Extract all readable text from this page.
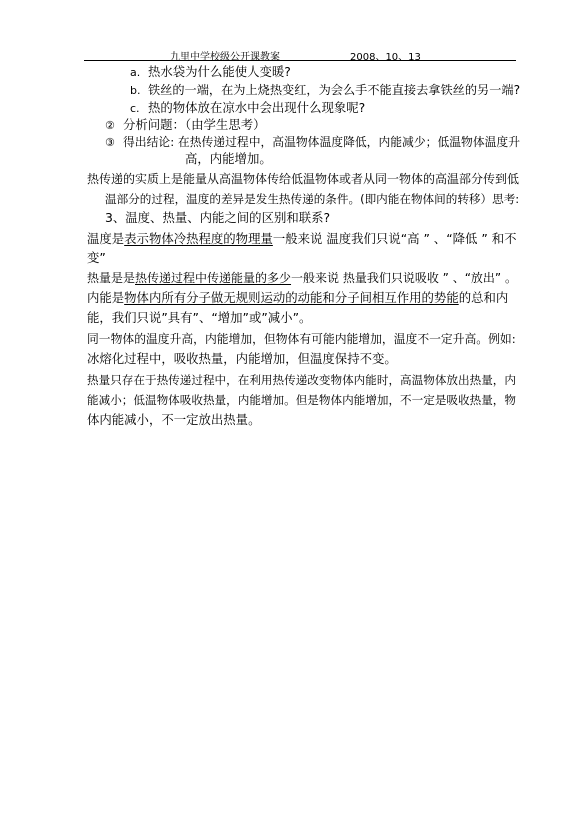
九里中学校级公开课教案	2008、10、13
a. 热水袋为什么能使人变暖?
b. 铁丝的一端，在为上烧热变红，为会么手不能直接去拿铁丝的另一端?
c. 热的物体放在凉水中会出现什么现象呢?
② 分析问题：（由学生思考）
③ 得出结论: 在热传递过程中，高温物体温度降低，内能减少；低温物体温度升
高，内能增加。
热传递的实质上是能量从高温物体传给低温物体或者从同一物体的高温部分传到低
温部分的过程，温度的差异是发生热传递的条件。(即内能在物体间的转移）思考:
3、温度、热量、内能之间的区别和联系?
温度是表示物体冷热程度的物理量一般来说 温度我们只说“高 ” 、“降低 ” 和不
变”
热量是是热传递过程中传递能量的多少一般来说 热量我们只说吸收 ” 、“放出” 。
内能是物体内所有分子做无规则运动的动能和分子间相互作用的势能的总和内
能，我们只说”具有”、“增加”或”减小”。
同一物体的温度升高，内能增加，但物体有可能内能增加，温度不一定升高。例如:
冰熔化过程中，吸收热量，内能增加，但温度保持不变。
热量只存在于热传递过程中，在利用热传递改变物体内能时，高温物体放出热量，内
能减小；低温物体吸收热量，内能增加。但是物体内能增加，不一定是吸收热量，物
体内能减小，不一定放出热量。
